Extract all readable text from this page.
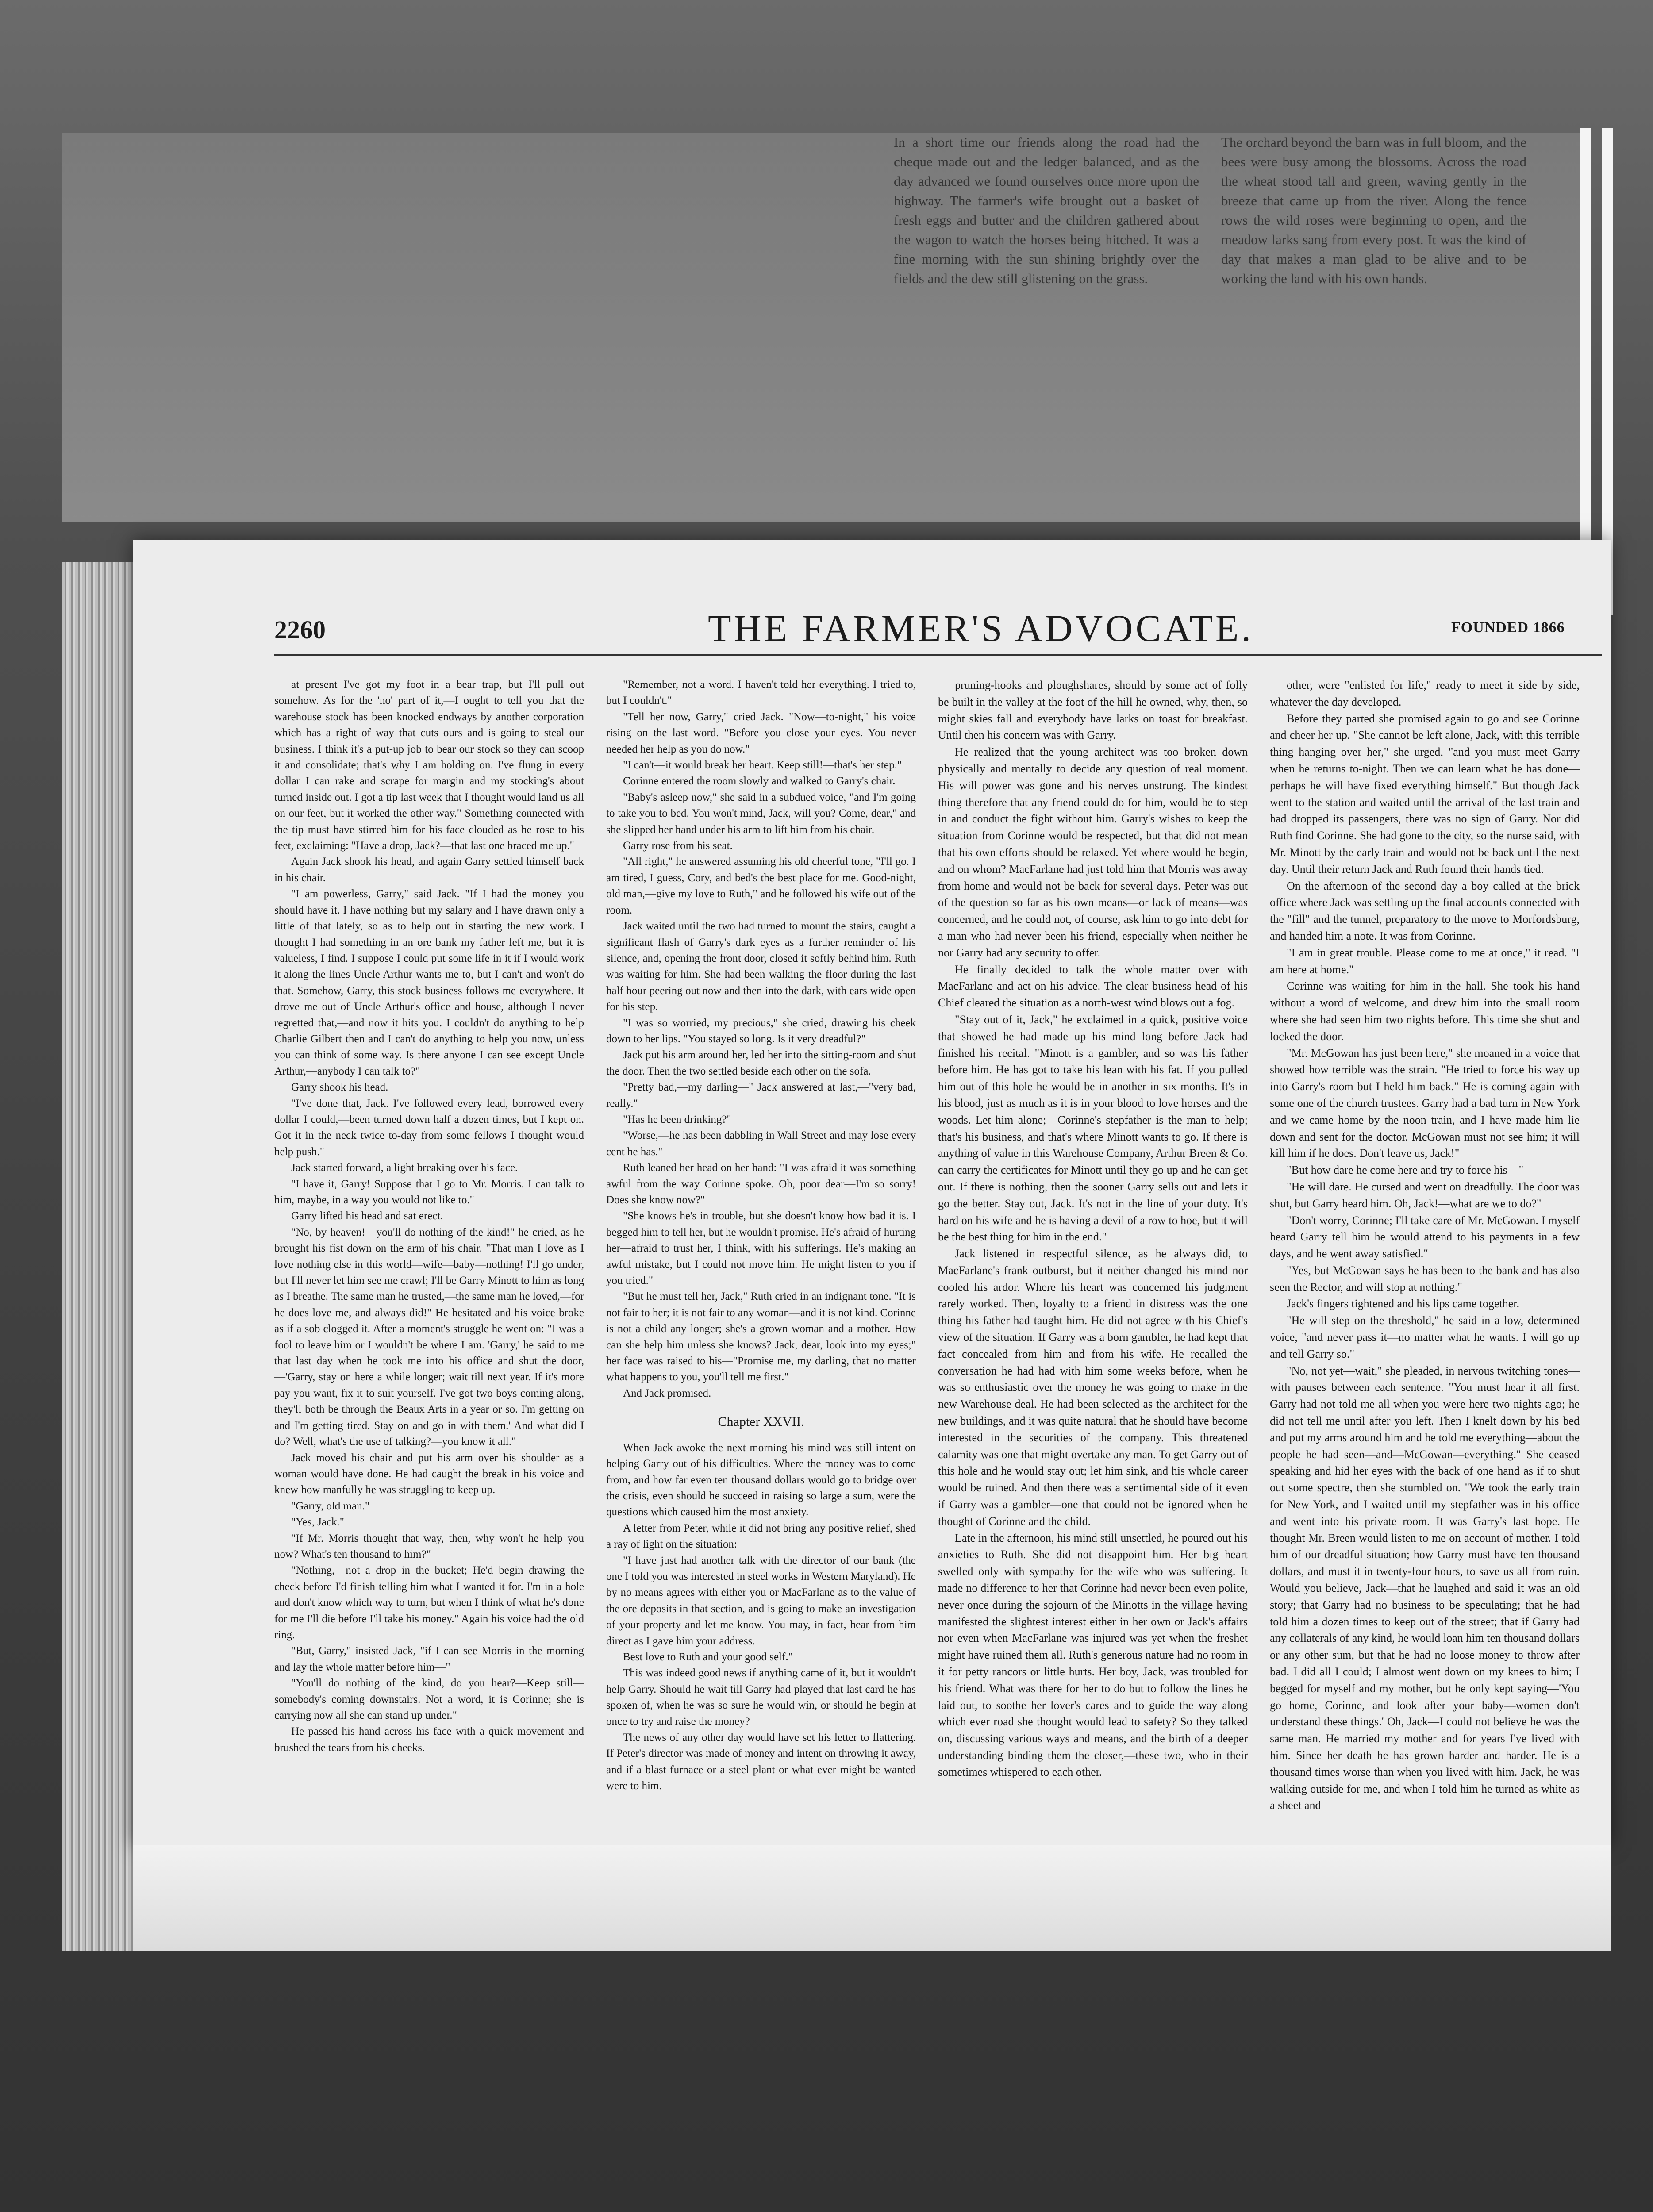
In a short time our friends along the road had the cheque made out and the ledger balanced, and as the day advanced we found ourselves once more upon the highway. The farmer's wife brought out a basket of fresh eggs and butter and the children gathered about the wagon to watch the horses being hitched. It was a fine morning with the sun shining brightly over the fields and the dew still glistening on the grass.
The orchard beyond the barn was in full bloom, and the bees were busy among the blossoms. Across the road the wheat stood tall and green, waving gently in the breeze that came up from the river. Along the fence rows the wild roses were beginning to open, and the meadow larks sang from every post. It was the kind of day that makes a man glad to be alive and to be working the land with his own hands.
2260	THE FARMER'S ADVOCATE.	FOUNDED 1866

at present I've got my foot in a bear trap, but I'll pull out somehow. As for the 'no' part of it,—I ought to tell you that the warehouse stock has been knocked endways by another corporation which has a right of way that cuts ours and is going to steal our business. I think it's a put-up job to bear our stock so they can scoop it and consolidate; that's why I am holding on. I've flung in every dollar I can rake and scrape for margin and my stocking's about turned inside out. I got a tip last week that I thought would land us all on our feet, but it worked the other way." Something connected with the tip must have stirred him for his face clouded as he rose to his feet, exclaiming: "Have a drop, Jack?—that last one braced me up."

Again Jack shook his head, and again Garry settled himself back in his chair.

"I am powerless, Garry," said Jack. "If I had the money you should have it. I have nothing but my salary and I have drawn only a little of that lately, so as to help out in starting the new work. I thought I had something in an ore bank my father left me, but it is valueless, I find. I suppose I could put some life in it if I would work it along the lines Uncle Arthur wants me to, but I can't and won't do that. Somehow, Garry, this stock business follows me everywhere. It drove me out of Uncle Arthur's office and house, although I never regretted that,—and now it hits you. I couldn't do anything to help Charlie Gilbert then and I can't do anything to help you now, unless you can think of some way. Is there anyone I can see except Uncle Arthur,—anybody I can talk to?"

Garry shook his head.

"I've done that, Jack. I've followed every lead, borrowed every dollar I could,—been turned down half a dozen times, but I kept on. Got it in the neck twice to-day from some fellows I thought would help push."

Jack started forward, a light breaking over his face.

"I have it, Garry! Suppose that I go to Mr. Morris. I can talk to him, maybe, in a way you would not like to."

Garry lifted his head and sat erect.

"No, by heaven!—you'll do nothing of the kind!" he cried, as he brought his fist down on the arm of his chair. "That man I love as I love nothing else in this world—wife—baby—nothing! I'll go under, but I'll never let him see me crawl; I'll be Garry Minott to him as long as I breathe. The same man he trusted,—the same man he loved,—for he does love me, and always did!" He hesitated and his voice broke as if a sob clogged it. After a moment's struggle he went on: "I was a fool to leave him or I wouldn't be where I am. 'Garry,' he said to me that last day when he took me into his office and shut the door,—'Garry, stay on here a while longer; wait till next year. If it's more pay you want, fix it to suit yourself. I've got two boys coming along, they'll both be through the Beaux Arts in a year or so. I'm getting on and I'm getting tired. Stay on and go in with them.' And what did I do? Well, what's the use of talking?—you know it all."

Jack moved his chair and put his arm over his shoulder as a woman would have done. He had caught the break in his voice and knew how manfully he was struggling to keep up.

"Garry, old man."

"Yes, Jack."

"If Mr. Morris thought that way, then, why won't he help you now? What's ten thousand to him?"

"Nothing,—not a drop in the bucket; He'd begin drawing the check before I'd finish telling him what I wanted it for. I'm in a hole and don't know which way to turn, but when I think of what he's done for me I'll die before I'll take his money." Again his voice had the old ring.

"But, Garry," insisted Jack, "if I can see Morris in the morning and lay the whole matter before him—"

"You'll do nothing of the kind, do you hear?—Keep still—somebody's coming downstairs. Not a word, it is Corinne; she is carrying now all she can stand up under."

He passed his hand across his face with a quick movement and brushed the tears from his cheeks.

"Remember, not a word. I haven't told her everything. I tried to, but I couldn't."

"Tell her now, Garry," cried Jack. "Now—to-night," his voice rising on the last word. "Before you close your eyes. You never needed her help as you do now."

"I can't—it would break her heart. Keep still!—that's her step."

Corinne entered the room slowly and walked to Garry's chair.

"Baby's asleep now," she said in a subdued voice, "and I'm going to take you to bed. You won't mind, Jack, will you? Come, dear," and she slipped her hand under his arm to lift him from his chair.

Garry rose from his seat.

"All right," he answered assuming his old cheerful tone, "I'll go. I am tired, I guess, Cory, and bed's the best place for me. Good-night, old man,—give my love to Ruth," and he followed his wife out of the room.

Jack waited until the two had turned to mount the stairs, caught a significant flash of Garry's dark eyes as a further reminder of his silence, and, opening the front door, closed it softly behind him. Ruth was waiting for him. She had been walking the floor during the last half hour peering out now and then into the dark, with ears wide open for his step.

"I was so worried, my precious," she cried, drawing his cheek down to her lips. "You stayed so long. Is it very dreadful?"

Jack put his arm around her, led her into the sitting-room and shut the door. Then the two settled beside each other on the sofa.

"Pretty bad,—my darling—" Jack answered at last,—"very bad, really."

"Has he been drinking?"

"Worse,—he has been dabbling in Wall Street and may lose every cent he has."

Ruth leaned her head on her hand: "I was afraid it was something awful from the way Corinne spoke. Oh, poor dear—I'm so sorry! Does she know now?"

"She knows he's in trouble, but she doesn't know how bad it is. I begged him to tell her, but he wouldn't promise. He's afraid of hurting her—afraid to trust her, I think, with his sufferings. He's making an awful mistake, but I could not move him. He might listen to you if you tried."

"But he must tell her, Jack," Ruth cried in an indignant tone. "It is not fair to her; it is not fair to any woman—and it is not kind. Corinne is not a child any longer; she's a grown woman and a mother. How can she help him unless she knows? Jack, dear, look into my eyes;" her face was raised to his—"Promise me, my darling, that no matter what happens to you, you'll tell me first."

And Jack promised.

Chapter XXVII.

When Jack awoke the next morning his mind was still intent on helping Garry out of his difficulties. Where the money was to come from, and how far even ten thousand dollars would go to bridge over the crisis, even should he succeed in raising so large a sum, were the questions which caused him the most anxiety.

A letter from Peter, while it did not bring any positive relief, shed a ray of light on the situation:

"I have just had another talk with the director of our bank (the one I told you was interested in steel works in Western Maryland). He by no means agrees with either you or MacFarlane as to the value of the ore deposits in that section, and is going to make an investigation of your property and let me know. You may, in fact, hear from him direct as I gave him your address.

Best love to Ruth and your good self."

This was indeed good news if anything came of it, but it wouldn't help Garry. Should he wait till Garry had played that last card he has spoken of, when he was so sure he would win, or should he begin at once to try and raise the money?

The news of any other day would have set his letter to flattering. If Peter's director was made of money and intent on throwing it away, and if a blast furnace or a steel plant or what ever might be wanted were to him.

pruning-hooks and ploughshares, should by some act of folly be built in the valley at the foot of the hill he owned, why, then, so might skies fall and everybody have larks on toast for breakfast. Until then his concern was with Garry.

He realized that the young architect was too broken down physically and mentally to decide any question of real moment. His will power was gone and his nerves unstrung. The kindest thing therefore that any friend could do for him, would be to step in and conduct the fight without him. Garry's wishes to keep the situation from Corinne would be respected, but that did not mean that his own efforts should be relaxed. Yet where would he begin, and on whom? MacFarlane had just told him that Morris was away from home and would not be back for several days. Peter was out of the question so far as his own means—or lack of means—was concerned, and he could not, of course, ask him to go into debt for a man who had never been his friend, especially when neither he nor Garry had any security to offer.

He finally decided to talk the whole matter over with MacFarlane and act on his advice. The clear business head of his Chief cleared the situation as a north-west wind blows out a fog.

"Stay out of it, Jack," he exclaimed in a quick, positive voice that showed he had made up his mind long before Jack had finished his recital. "Minott is a gambler, and so was his father before him. He has got to take his lean with his fat. If you pulled him out of this hole he would be in another in six months. It's in his blood, just as much as it is in your blood to love horses and the woods. Let him alone;—Corinne's stepfather is the man to help; that's his business, and that's where Minott wants to go. If there is anything of value in this Warehouse Company, Arthur Breen & Co. can carry the certificates for Minott until they go up and he can get out. If there is nothing, then the sooner Garry sells out and lets it go the better. Stay out, Jack. It's not in the line of your duty. It's hard on his wife and he is having a devil of a row to hoe, but it will be the best thing for him in the end."

Jack listened in respectful silence, as he always did, to MacFarlane's frank outburst, but it neither changed his mind nor cooled his ardor. Where his heart was concerned his judgment rarely worked. Then, loyalty to a friend in distress was the one thing his father had taught him. He did not agree with his Chief's view of the situation. If Garry was a born gambler, he had kept that fact concealed from him and from his wife. He recalled the conversation he had had with him some weeks before, when he was so enthusiastic over the money he was going to make in the new Warehouse deal. He had been selected as the architect for the new buildings, and it was quite natural that he should have become interested in the securities of the company. This threatened calamity was one that might overtake any man. To get Garry out of this hole and he would stay out; let him sink, and his whole career would be ruined. And then there was a sentimental side of it even if Garry was a gambler—one that could not be ignored when he thought of Corinne and the child.

Late in the afternoon, his mind still unsettled, he poured out his anxieties to Ruth. She did not disappoint him. Her big heart swelled only with sympathy for the wife who was suffering. It made no difference to her that Corinne had never been even polite, never once during the sojourn of the Minotts in the village having manifested the slightest interest either in her own or Jack's affairs nor even when MacFarlane was injured was yet when the freshet might have ruined them all. Ruth's generous nature had no room in it for petty rancors or little hurts. Her boy, Jack, was troubled for his friend. What was there for her to do but to follow the lines he laid out, to soothe her lover's cares and to guide the way along which ever road she thought would lead to safety? So they talked on, discussing various ways and means, and the birth of a deeper understanding binding them the closer,—these two, who in their sometimes whispered to each other.

other, were "enlisted for life," ready to meet it side by side, whatever the day developed.

Before they parted she promised again to go and see Corinne and cheer her up. "She cannot be left alone, Jack, with this terrible thing hanging over her," she urged, "and you must meet Garry when he returns to-night. Then we can learn what he has done—perhaps he will have fixed everything himself." But though Jack went to the station and waited until the arrival of the last train and had dropped its passengers, there was no sign of Garry. Nor did Ruth find Corinne. She had gone to the city, so the nurse said, with Mr. Minott by the early train and would not be back until the next day. Until their return Jack and Ruth found their hands tied.

On the afternoon of the second day a boy called at the brick office where Jack was settling up the final accounts connected with the "fill" and the tunnel, preparatory to the move to Morfordsburg, and handed him a note. It was from Corinne.

"I am in great trouble. Please come to me at once," it read. "I am here at home."

Corinne was waiting for him in the hall. She took his hand without a word of welcome, and drew him into the small room where she had seen him two nights before. This time she shut and locked the door.

"Mr. McGowan has just been here," she moaned in a voice that showed how terrible was the strain. "He tried to force his way up into Garry's room but I held him back." He is coming again with some one of the church trustees. Garry had a bad turn in New York and we came home by the noon train, and I have made him lie down and sent for the doctor. McGowan must not see him; it will kill him if he does. Don't leave us, Jack!"

"But how dare he come here and try to force his—"

"He will dare. He cursed and went on dreadfully. The door was shut, but Garry heard him. Oh, Jack!—what are we to do?"

"Don't worry, Corinne; I'll take care of Mr. McGowan. I myself heard Garry tell him he would attend to his payments in a few days, and he went away satisfied."

"Yes, but McGowan says he has been to the bank and has also seen the Rector, and will stop at nothing."

Jack's fingers tightened and his lips came together.

"He will step on the threshold," he said in a low, determined voice, "and never pass it—no matter what he wants. I will go up and tell Garry so."

"No, not yet—wait," she pleaded, in nervous twitching tones—with pauses between each sentence. "You must hear it all first. Garry had not told me all when you were here two nights ago; he did not tell me until after you left. Then I knelt down by his bed and put my arms around him and he told me everything—about the people he had seen—and—McGowan—everything." She ceased speaking and hid her eyes with the back of one hand as if to shut out some spectre, then she stumbled on. "We took the early train for New York, and I waited until my stepfather was in his office and went into his private room. It was Garry's last hope. He thought Mr. Breen would listen to me on account of mother. I told him of our dreadful situation; how Garry must have ten thousand dollars, and must it in twenty-four hours, to save us all from ruin. Would you believe, Jack—that he laughed and said it was an old story; that Garry had no business to be speculating; that he had told him a dozen times to keep out of the street; that if Garry had any collaterals of any kind, he would loan him ten thousand dollars or any other sum, but that he had no loose money to throw after bad. I did all I could; I almost went down on my knees to him; I begged for myself and my mother, but he only kept saying—'You go home, Corinne, and look after your baby—women don't understand these things.' Oh, Jack—I could not believe he was the same man. He married my mother and for years I've lived with him. Since her death he has grown harder and harder. He is a thousand times worse than when you lived with him. Jack, he was walking outside for me, and when I told him he turned as white as a sheet and
